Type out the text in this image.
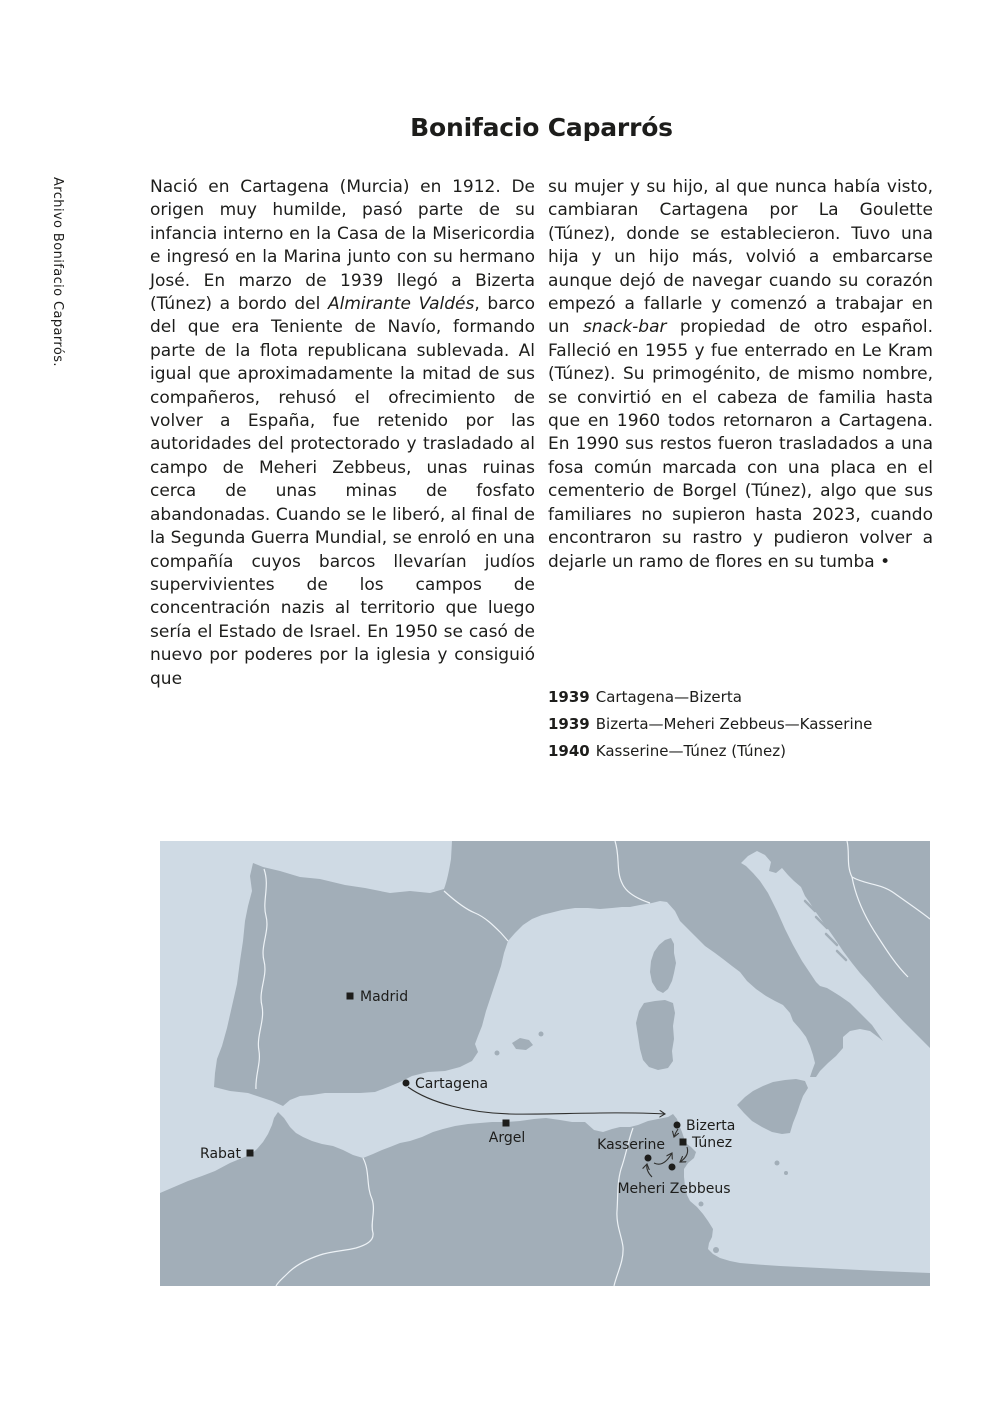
Bonifacio Caparrós
Archivo Bonifacio Caparrós.	Nació en Cartagena (Murcia) en 1912. De origen muy humilde, pasó parte de su infancia interno en la Casa de la Misericordia e ingresó en la Marina junto con su hermano José. En marzo de 1939 llegó a Bizerta (Túnez) a bordo del Almirante Valdés, barco del que era Teniente de Navío, formando parte de la flota republicana sublevada. Al igual que aproximadamente la mitad de sus compañeros, rehusó el ofrecimiento de volver a España, fue retenido por las autoridades del protectorado y trasladado al campo de Meheri Zebbeus, unas ruinas cerca de unas minas de fosfato abandonadas. Cuando se le liberó, al final de la Segunda Guerra Mundial, se enroló en una compañía cuyos barcos llevarían judíos supervivientes de los campos de concentración nazis al territorio que luego sería el Estado de Israel. En 1950 se casó de nuevo por poderes por la iglesia y consiguió que
su mujer y su hijo, al que nunca había visto, cambiaran Cartagena por La Goulette (Túnez), donde se establecieron. Tuvo una hija y un hijo más, volvió a embarcarse aunque dejó de navegar cuando su corazón empezó a fallarle y comenzó a trabajar en un snack-bar propiedad de otro español. Falleció en 1955 y fue enterrado en Le Kram (Túnez). Su primogénito, de mismo nombre, se convirtió en el cabeza de familia hasta que en 1960 todos retornaron a Cartagena. En 1990 sus restos fueron trasladados a una fosa común marcada con una placa en el cementerio de Borgel (Túnez), algo que sus familiares no supieron hasta 2023, cuando encontraron su rastro y pudieron volver a dejarle un ramo de flores en su tumba •
1939 Cartagena—Bizerta
1939 Bizerta—Meheri Zebbeus—Kasserine
1940 Kasserine—Túnez (Túnez)
Madrid
Cartagena
Rabat
Argel
Bizerta
Túnez
Kasserine
Meheri Zebbeus
